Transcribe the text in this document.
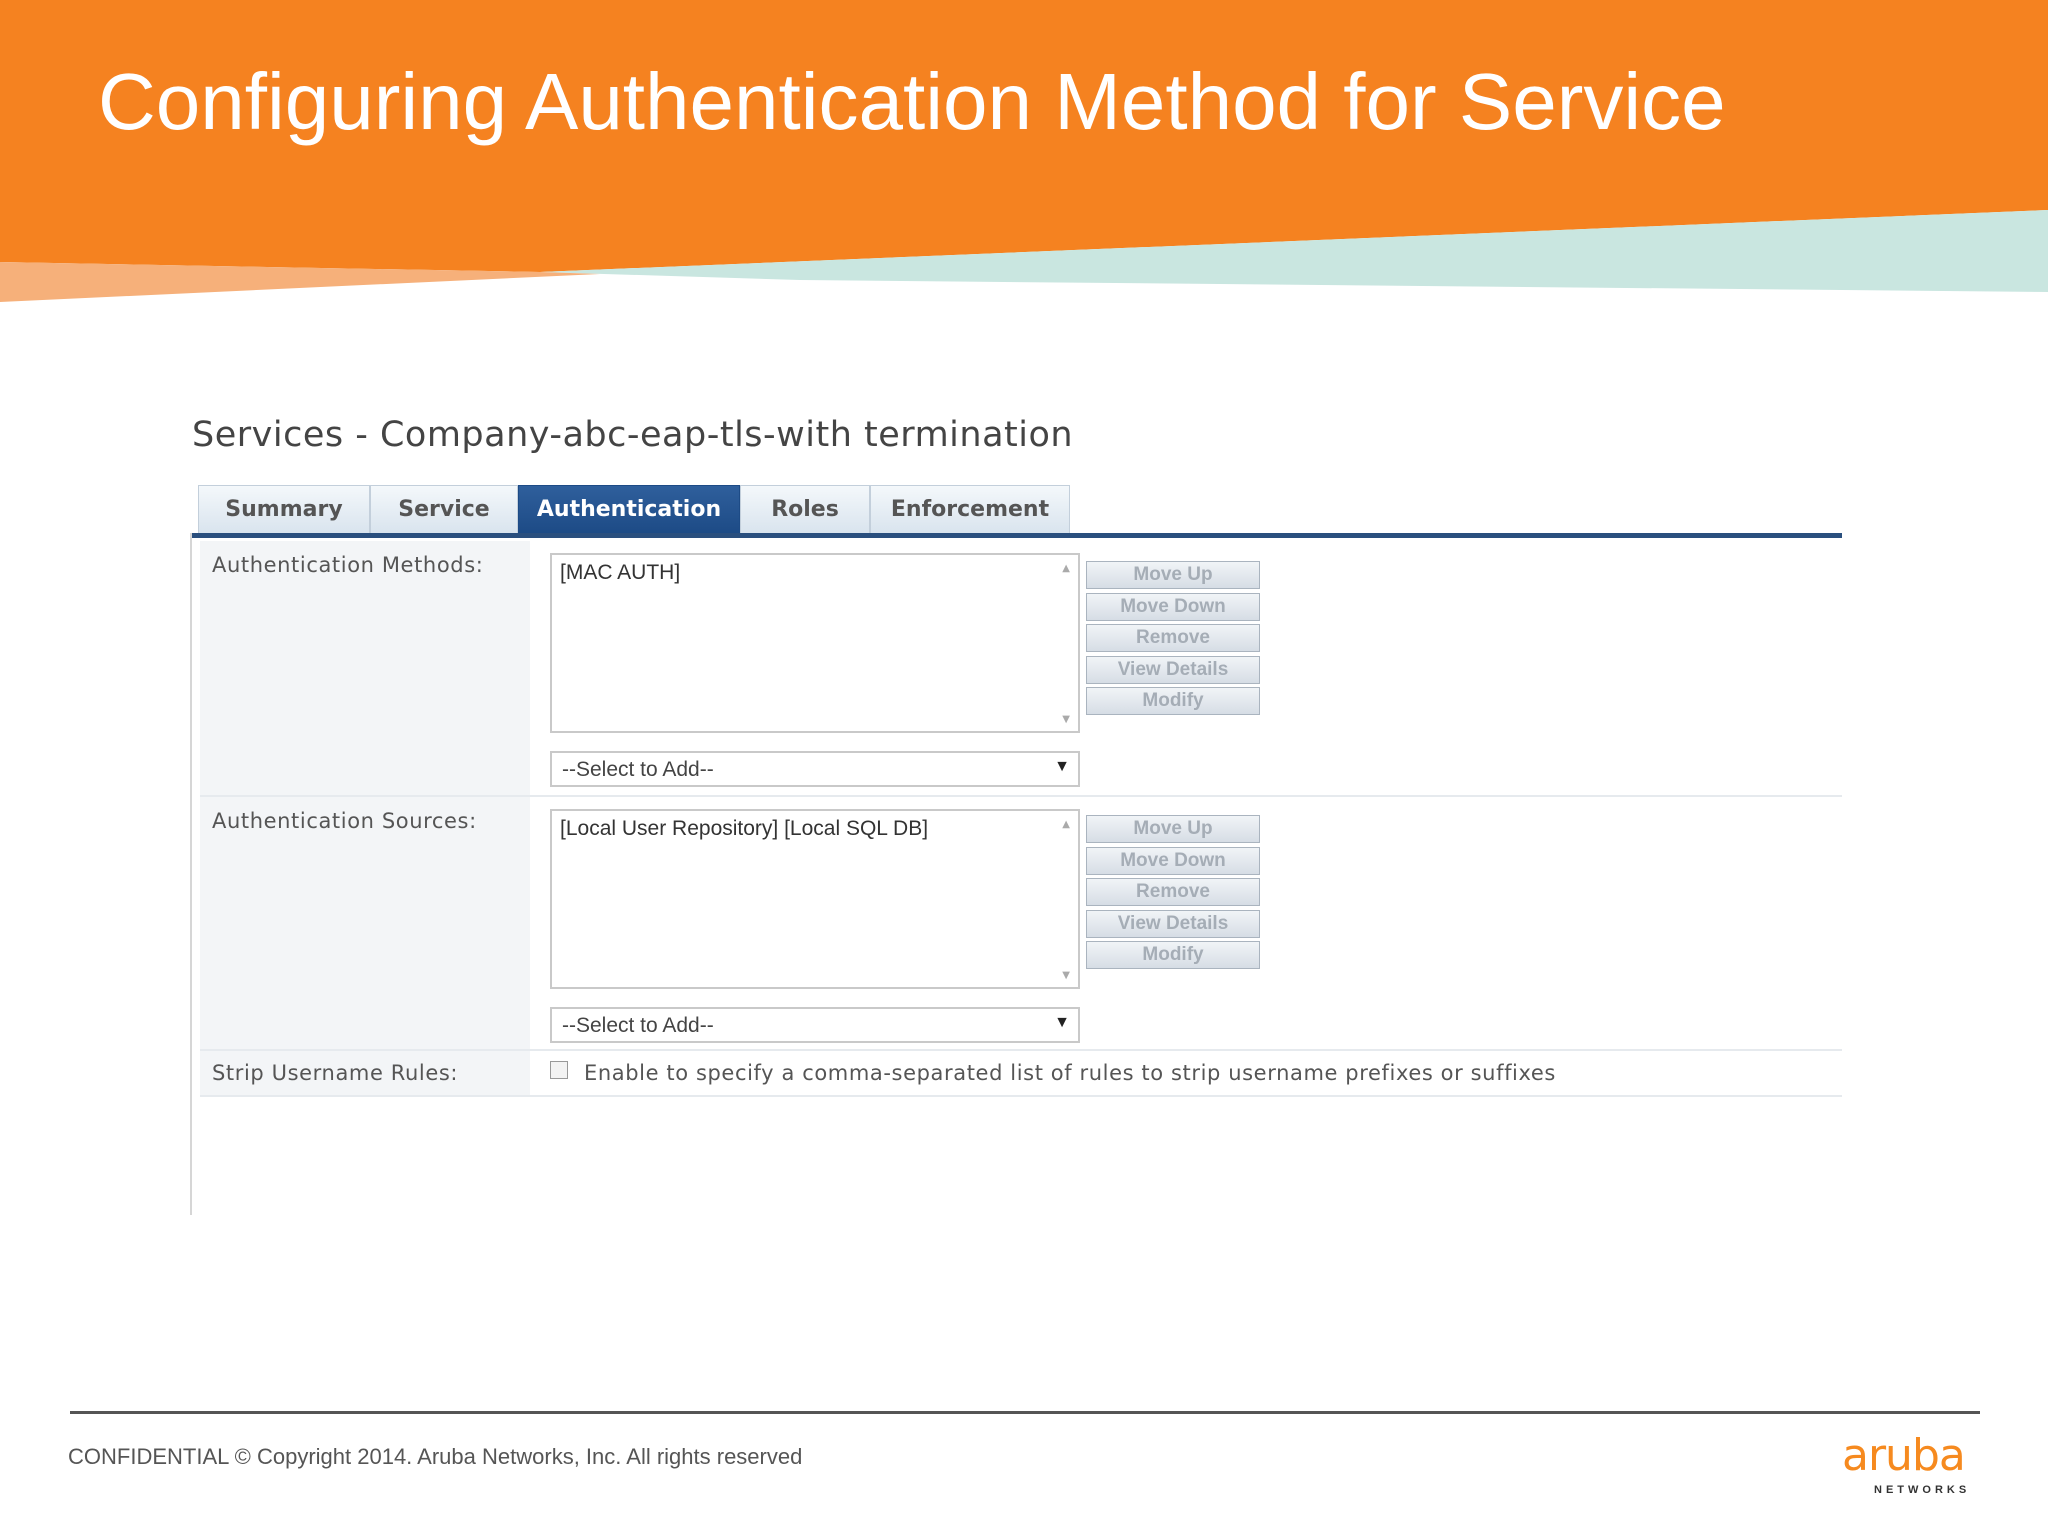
Configuring Authentication Method for Service
Services - Company-abc-eap-tls-with termination
Summary	Service	Authentication	Roles	Enforcement
Authentication Methods:	[MAC AUTH]	▲
▼
--Select to Add--	▼
Move Up
Move Down
Remove
View Details
Modify
Authentication Sources:	[Local User Repository] [Local SQL DB]	▲
▼
--Select to Add--	▼
Move Up
Move Down
Remove
View Details
Modify
Strip Username Rules:	Enable to specify a comma-separated list of rules to strip username prefixes or suffixes
CONFIDENTIAL © Copyright 2014. Aruba Networks, Inc. All rights reserved	aruba
NETWORKS
